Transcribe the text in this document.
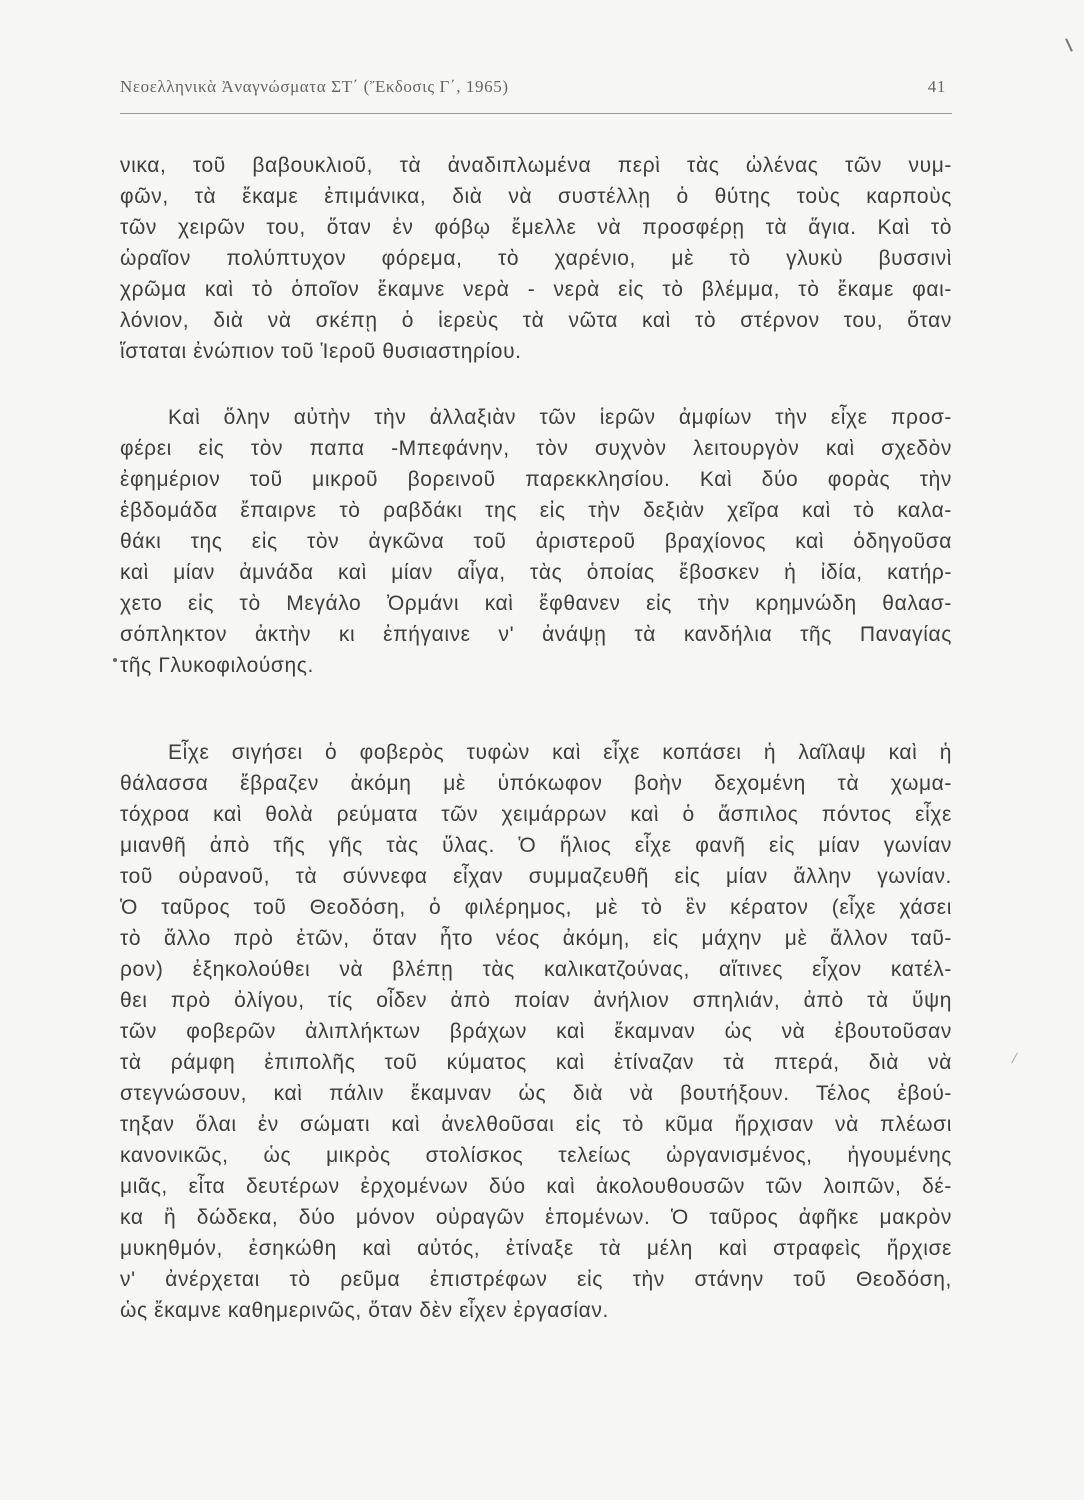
Νεοελληνικὰ Ἀναγνώσματα ΣΤ΄ (Ἔκδοσις Γ΄, 1965)	41
νικα, τοῦ βαβουκλιοῦ, τὰ ἀναδιπλωμένα περὶ τὰς ὠλένας τῶν νυμ-
φῶν, τὰ ἔκαμε ἐπιμάνικα, διὰ νὰ συστέλλῃ ὁ θύτης τοὺς καρποὺς
τῶν χειρῶν του, ὅταν ἐν φόβῳ ἔμελλε νὰ προσφέρῃ τὰ ἅγια. Καὶ τὸ
ὡραῖον πολύπτυχον φόρεμα, τὸ χαρένιο, μὲ τὸ γλυκὺ βυσσινὶ
χρῶμα καὶ τὸ ὁποῖον ἔκαμνε νερὰ - νερὰ εἰς τὸ βλέμμα, τὸ ἔκαμε φαι-
λόνιον, διὰ νὰ σκέπῃ ὁ ἱερεὺς τὰ νῶτα καὶ τὸ στέρνον του, ὅταν
ἵσταται ἐνώπιον τοῦ Ἱεροῦ θυσιαστηρίου.
Καὶ ὅλην αὐτὴν τὴν ἀλλαξιὰν τῶν ἱερῶν ἀμφίων τὴν εἶχε προσ-
φέρει εἰς τὸν παπα -Μπεφάνην, τὸν συχνὸν λειτουργὸν καὶ σχεδὸν
ἐφημέριον τοῦ μικροῦ βορεινοῦ παρεκκλησίου. Καὶ δύο φορὰς τὴν
ἑβδομάδα ἔπαιρνε τὸ ραβδάκι της εἰς τὴν δεξιὰν χεῖρα καὶ τὸ καλα-
θάκι της εἰς τὸν ἀγκῶνα τοῦ ἀριστεροῦ βραχίονος καὶ ὁδηγοῦσα
καὶ μίαν ἀμνάδα καὶ μίαν αἶγα, τὰς ὁποίας ἔβοσκεν ἡ ἰδία, κατήρ-
χετο εἰς τὸ Μεγάλο Ὀρμάνι καὶ ἔφθανεν εἰς τὴν κρημνώδη θαλασ-
σόπληκτον ἀκτὴν κι ἐπήγαινε ν' ἀνάψῃ τὰ κανδήλια τῆς Παναγίας
τῆς Γλυκοφιλούσης.
Εἶχε σιγήσει ὁ φοβερὸς τυφὼν καὶ εἶχε κοπάσει ἡ λαῖλαψ καὶ ἡ
θάλασσα ἔβραζεν ἀκόμη μὲ ὑπόκωφον βοὴν δεχομένη τὰ χωμα-
τόχροα καὶ θολὰ ρεύματα τῶν χειμάρρων καὶ ὁ ἄσπιλος πόντος εἶχε
μιανθῆ ἀπὸ τῆς γῆς τὰς ὕλας. Ὁ ἥλιος εἶχε φανῆ εἰς μίαν γωνίαν
τοῦ οὐρανοῦ, τὰ σύννεφα εἶχαν συμμαζευθῆ εἰς μίαν ἄλλην γωνίαν.
Ὁ ταῦρος τοῦ Θεοδόση, ὁ φιλέρημος, μὲ τὸ ἓν κέρατον (εἶχε χάσει
τὸ ἄλλο πρὸ ἐτῶν, ὅταν ἦτο νέος ἀκόμη, εἰς μάχην μὲ ἄλλον ταῦ-
ρον) ἐξηκολούθει νὰ βλέπῃ τὰς καλικατζούνας, αἵτινες εἶχον κατέλ-
θει πρὸ ὀλίγου, τίς οἶδεν ἀπὸ ποίαν ἀνήλιον σπηλιάν, ἀπὸ τὰ ὕψη
τῶν φοβερῶν ἀλιπλήκτων βράχων καὶ ἔκαμναν ὡς νὰ ἐβουτοῦσαν
τὰ ράμφη ἐπιπολῆς τοῦ κύματος καὶ ἐτίναζαν τὰ πτερά, διὰ νὰ
στεγνώσουν, καὶ πάλιν ἔκαμναν ὡς διὰ νὰ βουτήξουν. Τέλος ἐβού-
τηξαν ὅλαι ἐν σώματι καὶ ἀνελθοῦσαι εἰς τὸ κῦμα ἤρχισαν νὰ πλέωσι
κανονικῶς, ὡς μικρὸς στολίσκος τελείως ὠργανισμένος, ἡγουμένης
μιᾶς, εἶτα δευτέρων ἐρχομένων δύο καὶ ἀκολουθουσῶν τῶν λοιπῶν, δέ-
κα ἢ δώδεκα, δύο μόνον οὐραγῶν ἑπομένων. Ὁ ταῦρος ἀφῆκε μακρὸν
μυκηθμόν, ἐσηκώθη καὶ αὐτός, ἐτίναξε τὰ μέλη καὶ στραφεὶς ἤρχισε
ν' ἀνέρχεται τὸ ρεῦμα ἐπιστρέφων εἰς τὴν στάνην τοῦ Θεοδόση,
ὡς ἔκαμνε καθημερινῶς, ὅταν δὲν εἶχεν ἐργασίαν.
